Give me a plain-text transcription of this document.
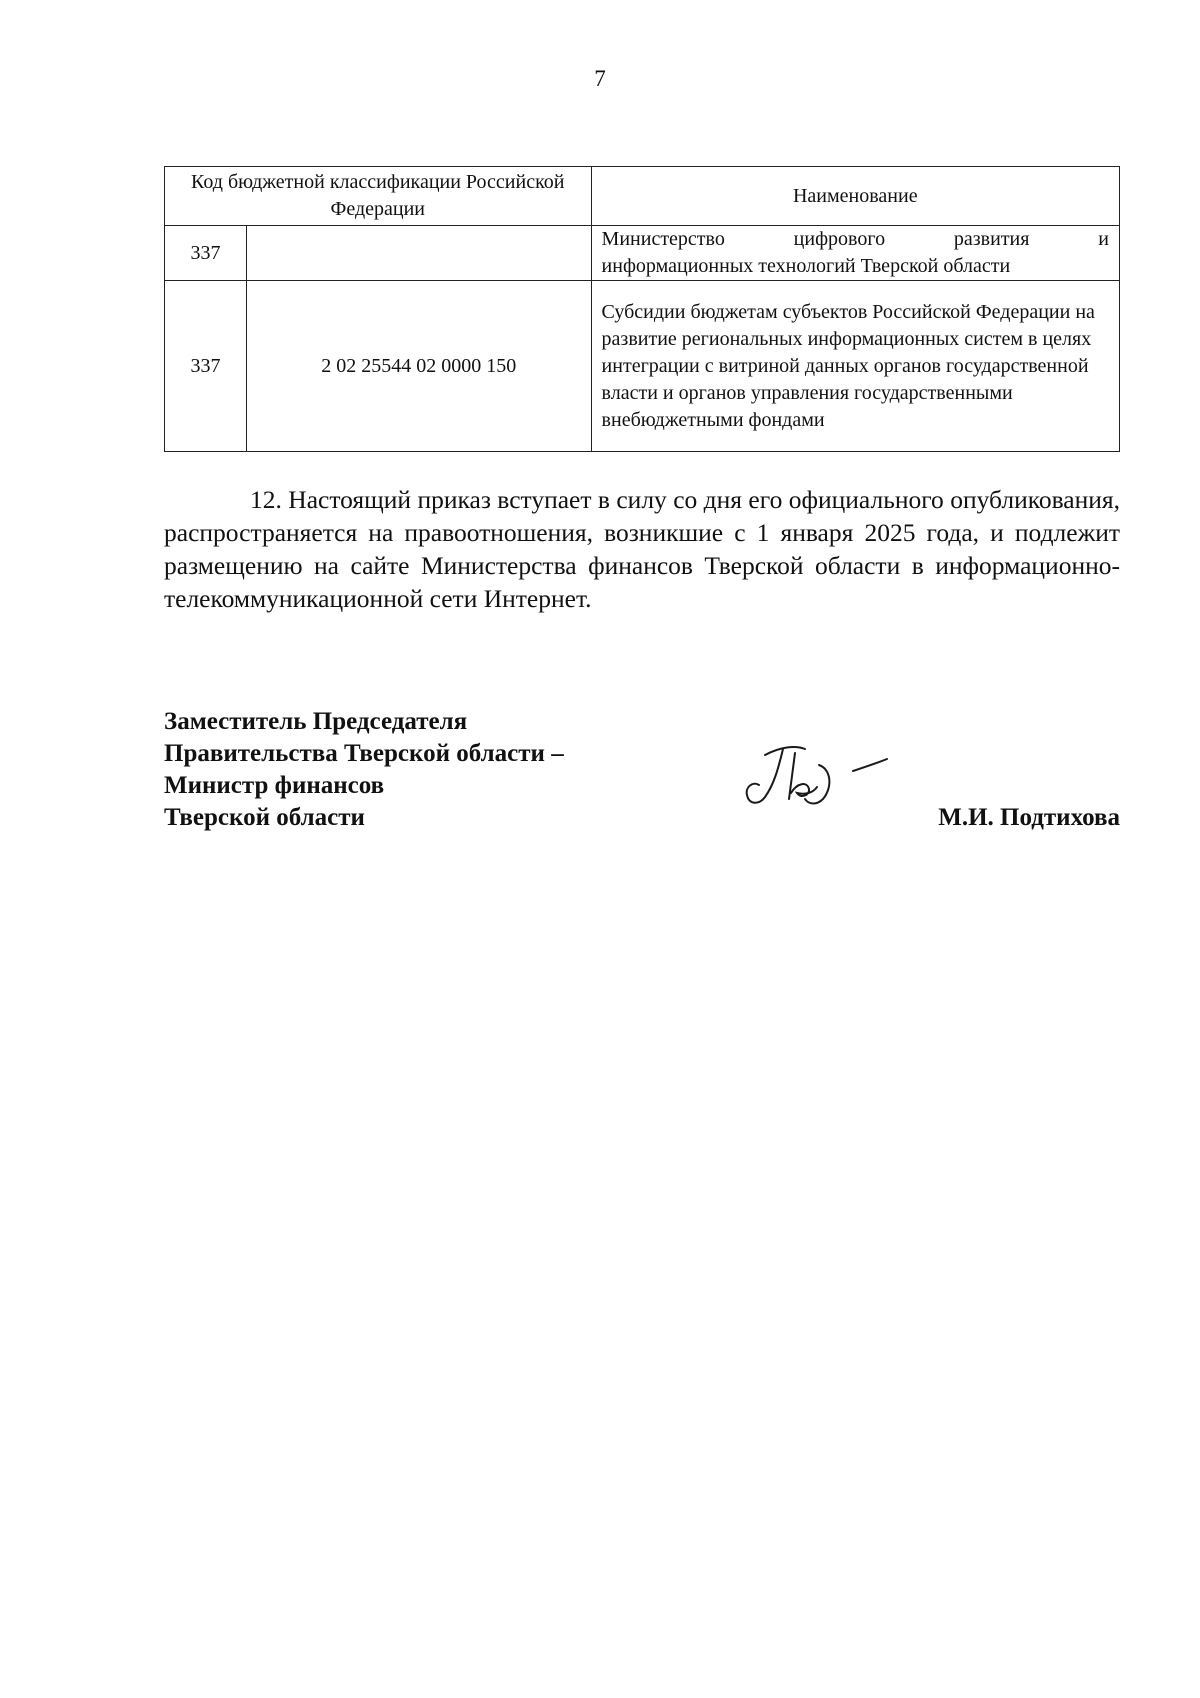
7
Код бюджетной классификации Российской Федерации		Наименование
337		Министерство цифрового развития и
информационных технологий Тверской области

337	2 02 25544 02 0000 150	Субсидии бюджетам субъектов Российской Федерации на развитие региональных информационных систем в целях интеграции с витриной данных органов государственной власти и органов управления государственными внебюджетными фондами

12. Настоящий приказ вступает в силу со дня его официального опубликования, распространяется на правоотношения, возникшие с 1 января 2025 года, и подлежит размещению на сайте Министерства финансов Тверской области в информационно-телекоммуникационной сети Интернет.

Заместитель Председателя
Правительства Тверской области –
Министр финансов
Тверской области	М.И. Подтихова
